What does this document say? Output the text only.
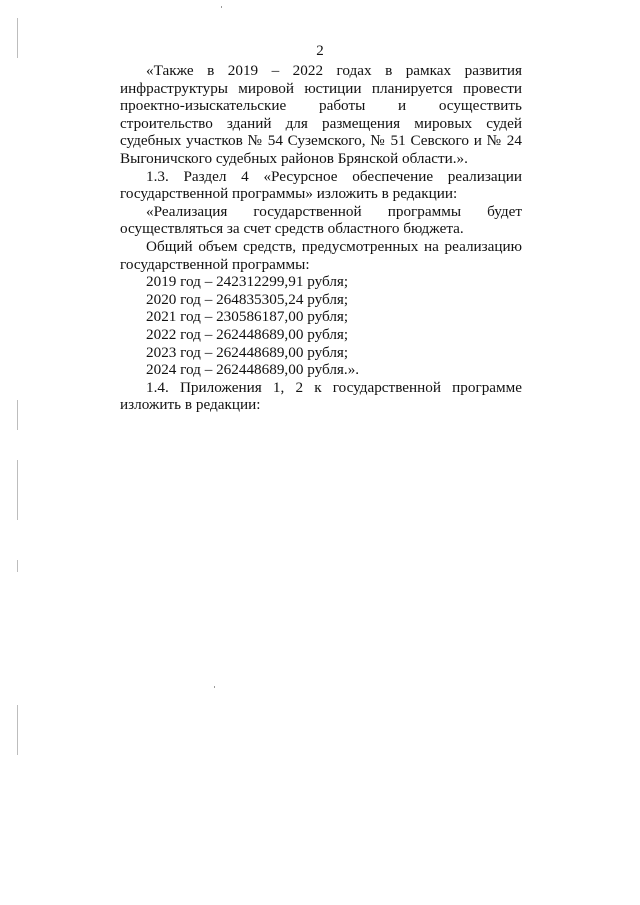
2

«Также в 2019 – 2022 годах в рамках развития инфраструктуры мировой юстиции планируется провести проектно-изыскательские работы и осуществить строительство зданий для размещения мировых судей судебных участков № 54 Суземского, № 51 Севского и № 24 Выгоничского судебных районов Брянской области.».

1.3. Раздел 4 «Ресурсное обеспечение реализации государственной программы» изложить в редакции:

«Реализация государственной программы будет осуществляться за счет средств областного бюджета.

Общий объем средств, предусмотренных на реализацию государственной программы:

2019 год – 242312299,91 рубля;

2020 год – 264835305,24 рубля;

2021 год – 230586187,00 рубля;

2022 год – 262448689,00 рубля;

2023 год – 262448689,00 рубля;

2024 год – 262448689,00 рубля.».

1.4. Приложения 1, 2 к государственной программе изложить в редакции:
